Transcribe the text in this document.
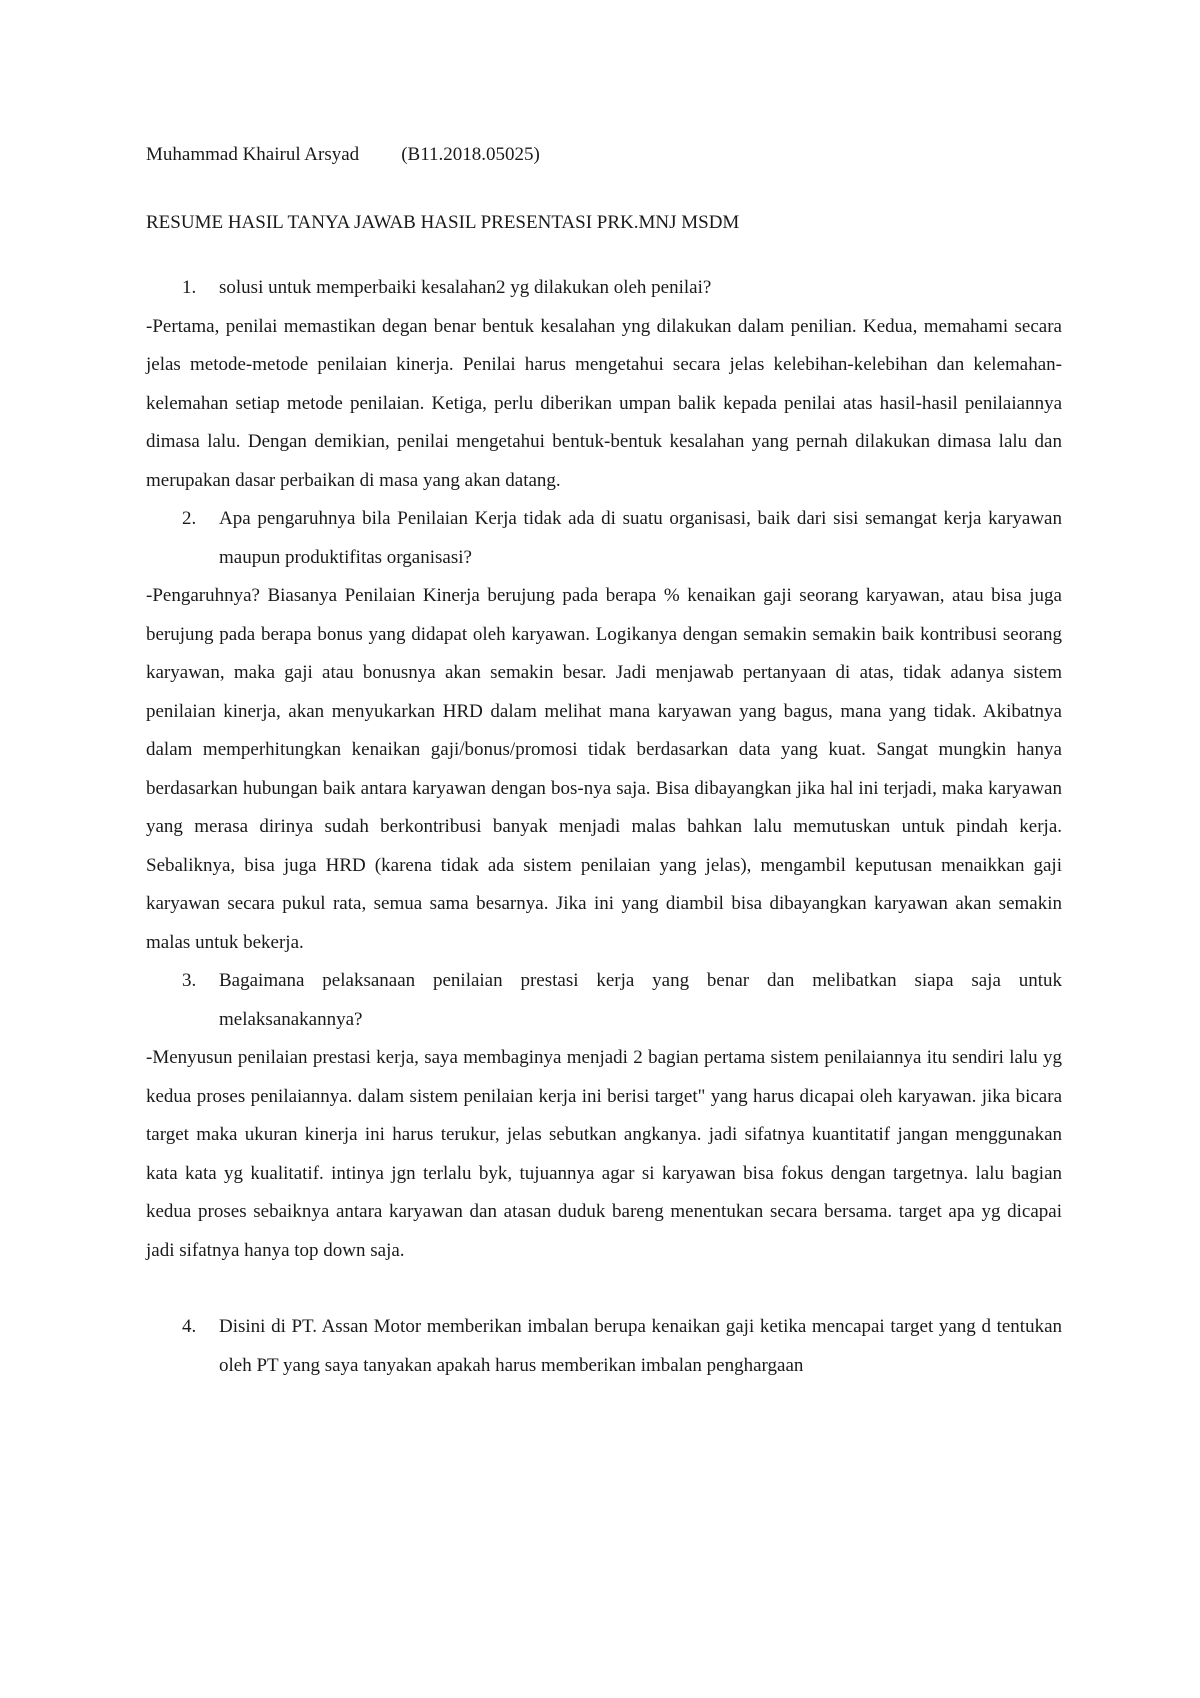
Muhammad Khairul Arsyad (B11.2018.05025)

RESUME HASIL TANYA JAWAB HASIL PRESENTASI PRK.MNJ MSDM

1. solusi untuk memperbaiki kesalahan2 yg dilakukan oleh penilai?

-Pertama, penilai memastikan degan benar bentuk kesalahan yng dilakukan dalam penilian. Kedua, memahami secara jelas metode-metode penilaian kinerja. Penilai harus mengetahui secara jelas kelebihan-kelebihan dan kelemahan-kelemahan setiap metode penilaian. Ketiga, perlu diberikan umpan balik kepada penilai atas hasil-hasil penilaiannya dimasa lalu. Dengan demikian, penilai mengetahui bentuk-bentuk kesalahan yang pernah dilakukan dimasa lalu dan merupakan dasar perbaikan di masa yang akan datang.

2. Apa pengaruhnya bila Penilaian Kerja tidak ada di suatu organisasi, baik dari sisi semangat kerja karyawan maupun produktifitas organisasi?

-Pengaruhnya? Biasanya Penilaian Kinerja berujung pada berapa % kenaikan gaji seorang karyawan, atau bisa juga berujung pada berapa bonus yang didapat oleh karyawan. Logikanya dengan semakin semakin baik kontribusi seorang karyawan, maka gaji atau bonusnya akan semakin besar. Jadi menjawab pertanyaan di atas, tidak adanya sistem penilaian kinerja, akan menyukarkan HRD dalam melihat mana karyawan yang bagus, mana yang tidak. Akibatnya dalam memperhitungkan kenaikan gaji/bonus/promosi tidak berdasarkan data yang kuat. Sangat mungkin hanya berdasarkan hubungan baik antara karyawan dengan bos-nya saja. Bisa dibayangkan jika hal ini terjadi, maka karyawan yang merasa dirinya sudah berkontribusi banyak menjadi malas bahkan lalu memutuskan untuk pindah kerja. Sebaliknya, bisa juga HRD (karena tidak ada sistem penilaian yang jelas), mengambil keputusan menaikkan gaji karyawan secara pukul rata, semua sama besarnya. Jika ini yang diambil bisa dibayangkan karyawan akan semakin malas untuk bekerja.

3. Bagaimana pelaksanaan penilaian prestasi kerja yang benar dan melibatkan siapa saja untuk melaksanakannya?

-Menyusun penilaian prestasi kerja, saya membaginya menjadi 2 bagian pertama sistem penilaiannya itu sendiri lalu yg kedua proses penilaiannya. dalam sistem penilaian kerja ini berisi target" yang harus dicapai oleh karyawan. jika bicara target maka ukuran kinerja ini harus terukur, jelas sebutkan angkanya. jadi sifatnya kuantitatif jangan menggunakan kata kata yg kualitatif. intinya jgn terlalu byk, tujuannya agar si karyawan bisa fokus dengan targetnya. lalu bagian kedua proses sebaiknya antara karyawan dan atasan duduk bareng menentukan secara bersama. target apa yg dicapai jadi sifatnya hanya top down saja.

4. Disini di PT. Assan Motor memberikan imbalan berupa kenaikan gaji ketika mencapai target yang d tentukan oleh PT yang saya tanyakan apakah harus memberikan imbalan penghargaan
